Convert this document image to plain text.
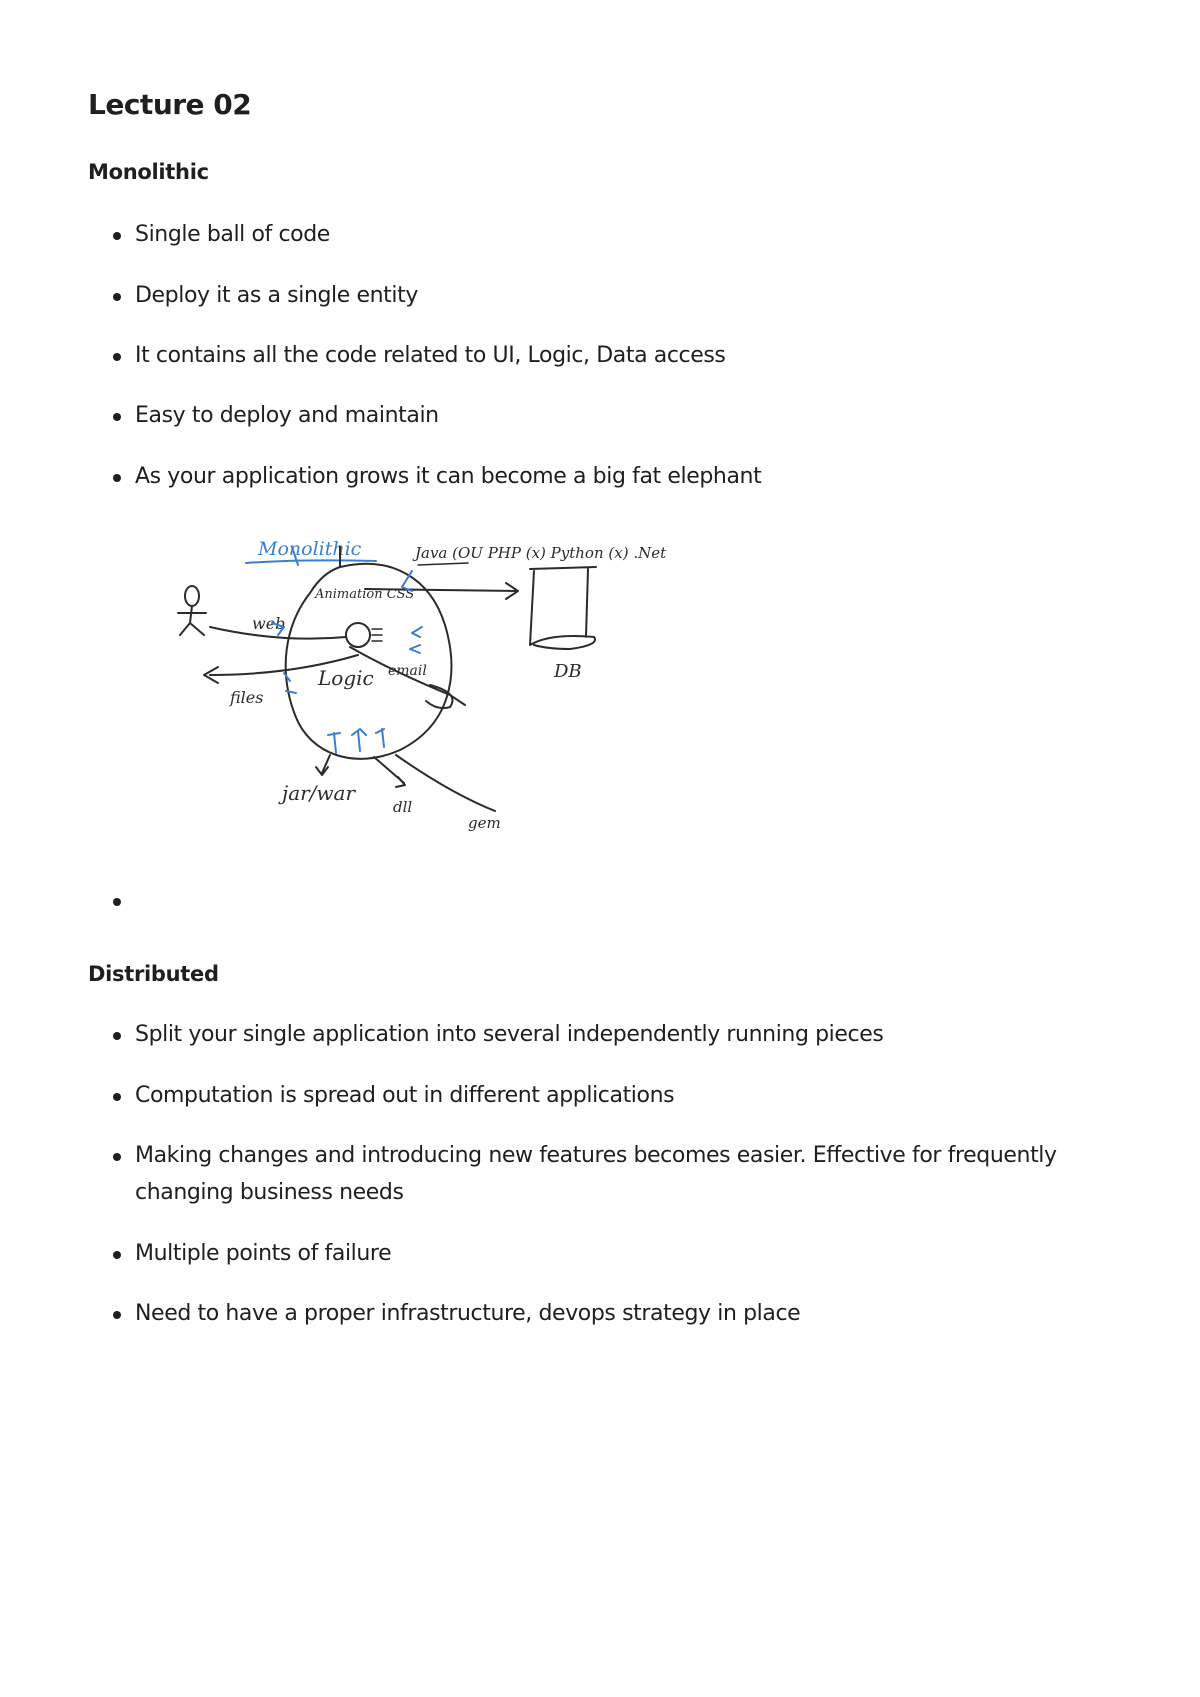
Lecture 02
Monolithic
Single ball of code
Deploy it as a single entity
It contains all the code related to UI, Logic, Data access
Easy to deploy and maintain
As your application grows it can become a big fat elephant
Monolithic	Java (OU PHP (x) Python (x) .Net
web
Animation CSS
Logic
files
DB
email
jar/war
dll
gem
Distributed
Split your single application into several independently running pieces
Computation is spread out in different applications
Making changes and introducing new features becomes easier. Effective for frequently changing business needs
Multiple points of failure
Need to have a proper infrastructure, devops strategy in place
